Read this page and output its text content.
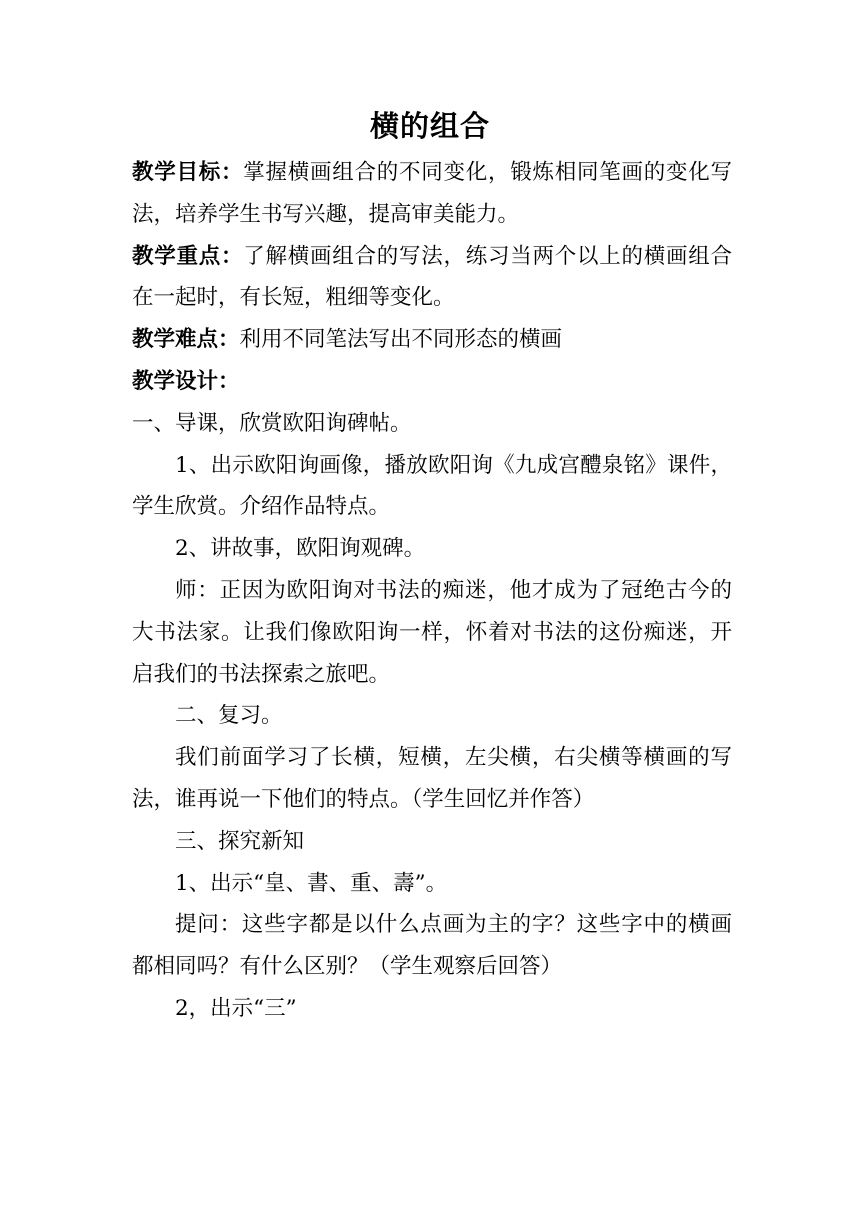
横的组合

教学目标：掌握横画组合的不同变化，锻炼相同笔画的变化写法，培养学生书写兴趣，提高审美能力。

教学重点：了解横画组合的写法，练习当两个以上的横画组合在一起时，有长短，粗细等变化。

教学难点：利用不同笔法写出不同形态的横画

教学设计：

一、导课，欣赏欧阳询碑帖。

1、出示欧阳询画像，播放欧阳询《九成宫醴泉铭》课件，学生欣赏。介绍作品特点。

2、讲故事，欧阳询观碑。

师：正因为欧阳询对书法的痴迷，他才成为了冠绝古今的大书法家。让我们像欧阳询一样，怀着对书法的这份痴迷，开启我们的书法探索之旅吧。

二、复习。

我们前面学习了长横，短横，左尖横，右尖横等横画的写法，谁再说一下他们的特点。（学生回忆并作答）

三、探究新知

1、出示“皇、書、重、壽”。

提问：这些字都是以什么点画为主的字？这些字中的横画都相同吗？有什么区别？（学生观察后回答）

2，出示“三”
